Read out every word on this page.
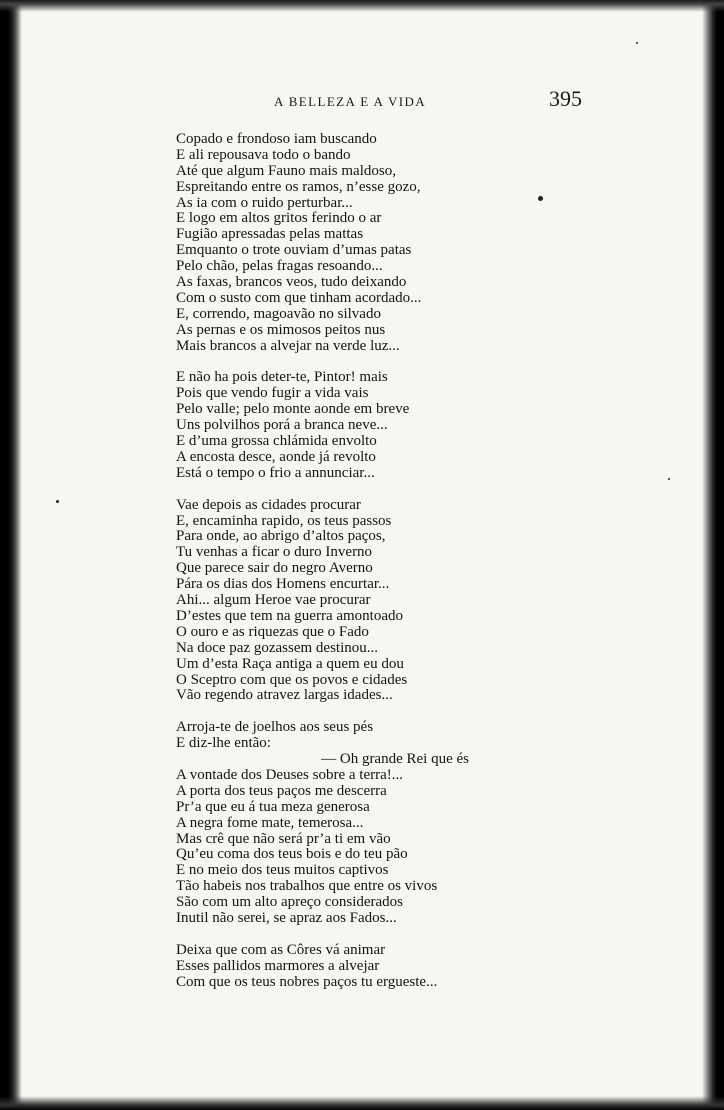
A BELLEZA E A VIDA	395
Copado e frondoso iam buscando
E ali repousava todo o bando
Até que algum Fauno mais maldoso,
Espreitando entre os ramos, n’esse gozo,
As ia com o ruido perturbar...
E logo em altos gritos ferindo o ar
Fugião apressadas pelas mattas
Emquanto o trote ouviam d’umas patas
Pelo chão, pelas fragas resoando...
As faxas, brancos veos, tudo deixando
Com o susto com que tinham acordado...
E, correndo, magoavão no silvado
As pernas e os mimosos peitos nus
Mais brancos a alvejar na verde luz...
E não ha pois deter-te, Pintor! mais
Pois que vendo fugir a vida vais
Pelo valle; pelo monte aonde em breve
Uns polvilhos porá a branca neve...
E d’uma grossa chlámida envolto
A encosta desce, aonde já revolto
Está o tempo o frio a annunciar...
Vae depois as cidades procurar
E, encaminha rapido, os teus passos
Para onde, ao abrigo d’altos paços,
Tu venhas a ficar o duro Inverno
Que parece sair do negro Averno
Pára os dias dos Homens encurtar...
Ahi... algum Heroe vae procurar
D’estes que tem na guerra amontoado
O ouro e as riquezas que o Fado
Na doce paz gozassem destinou...
Um d’esta Raça antiga a quem eu dou
O Sceptro com que os povos e cidades
Vão regendo atravez largas idades...
Arroja-te de joelhos aos seus pés
E diz-lhe então:
— Oh grande Rei que és
A vontade dos Deuses sobre a terra!...
A porta dos teus paços me descerra
Pr’a que eu á tua meza generosa
A negra fome mate, temerosa...
Mas crê que não será pr’a ti em vão
Qu’eu coma dos teus bois e do teu pão
E no meio dos teus muitos captivos
Tão habeis nos trabalhos que entre os vivos
São com um alto apreço considerados
Inutil não serei, se apraz aos Fados...
Deixa que com as Côres vá animar
Esses pallidos marmores a alvejar
Com que os teus nobres paços tu ergueste...
